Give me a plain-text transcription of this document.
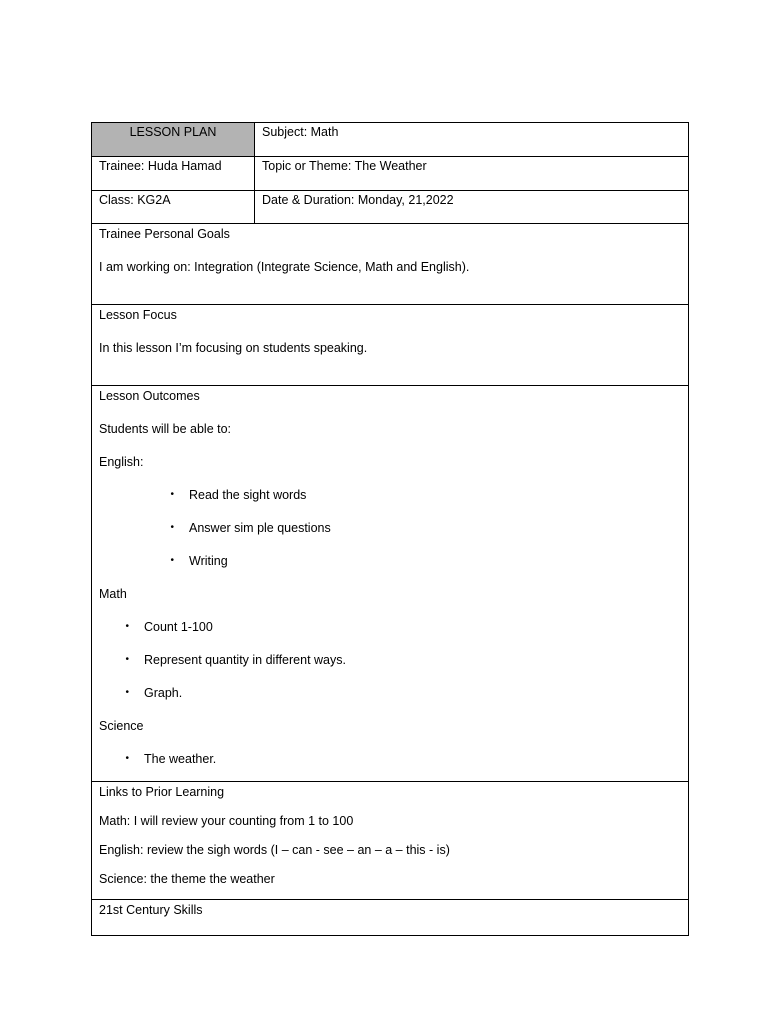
LESSON PLAN	Subject: Math
Trainee: Huda Hamad	Topic or Theme: The Weather
Class: KG2A	Date & Duration: Monday, 21,2022

Trainee Personal Goals

I am working on: Integration (Integrate Science, Math and English).

Lesson Focus

In this lesson I’m focusing on students speaking.

Lesson Outcomes

Students will be able to:

English:

•	Read the sight words
•	Answer sim ple questions
•	Writing

Math

•	Count 1-100
•	Represent quantity in different ways.
•	Graph.

Science

•	The weather.

Links to Prior Learning

Math: I will review your counting from 1 to 100

English: review the sigh words (I – can - see – an – a – this - is)

Science: the theme the weather

21st Century Skills
